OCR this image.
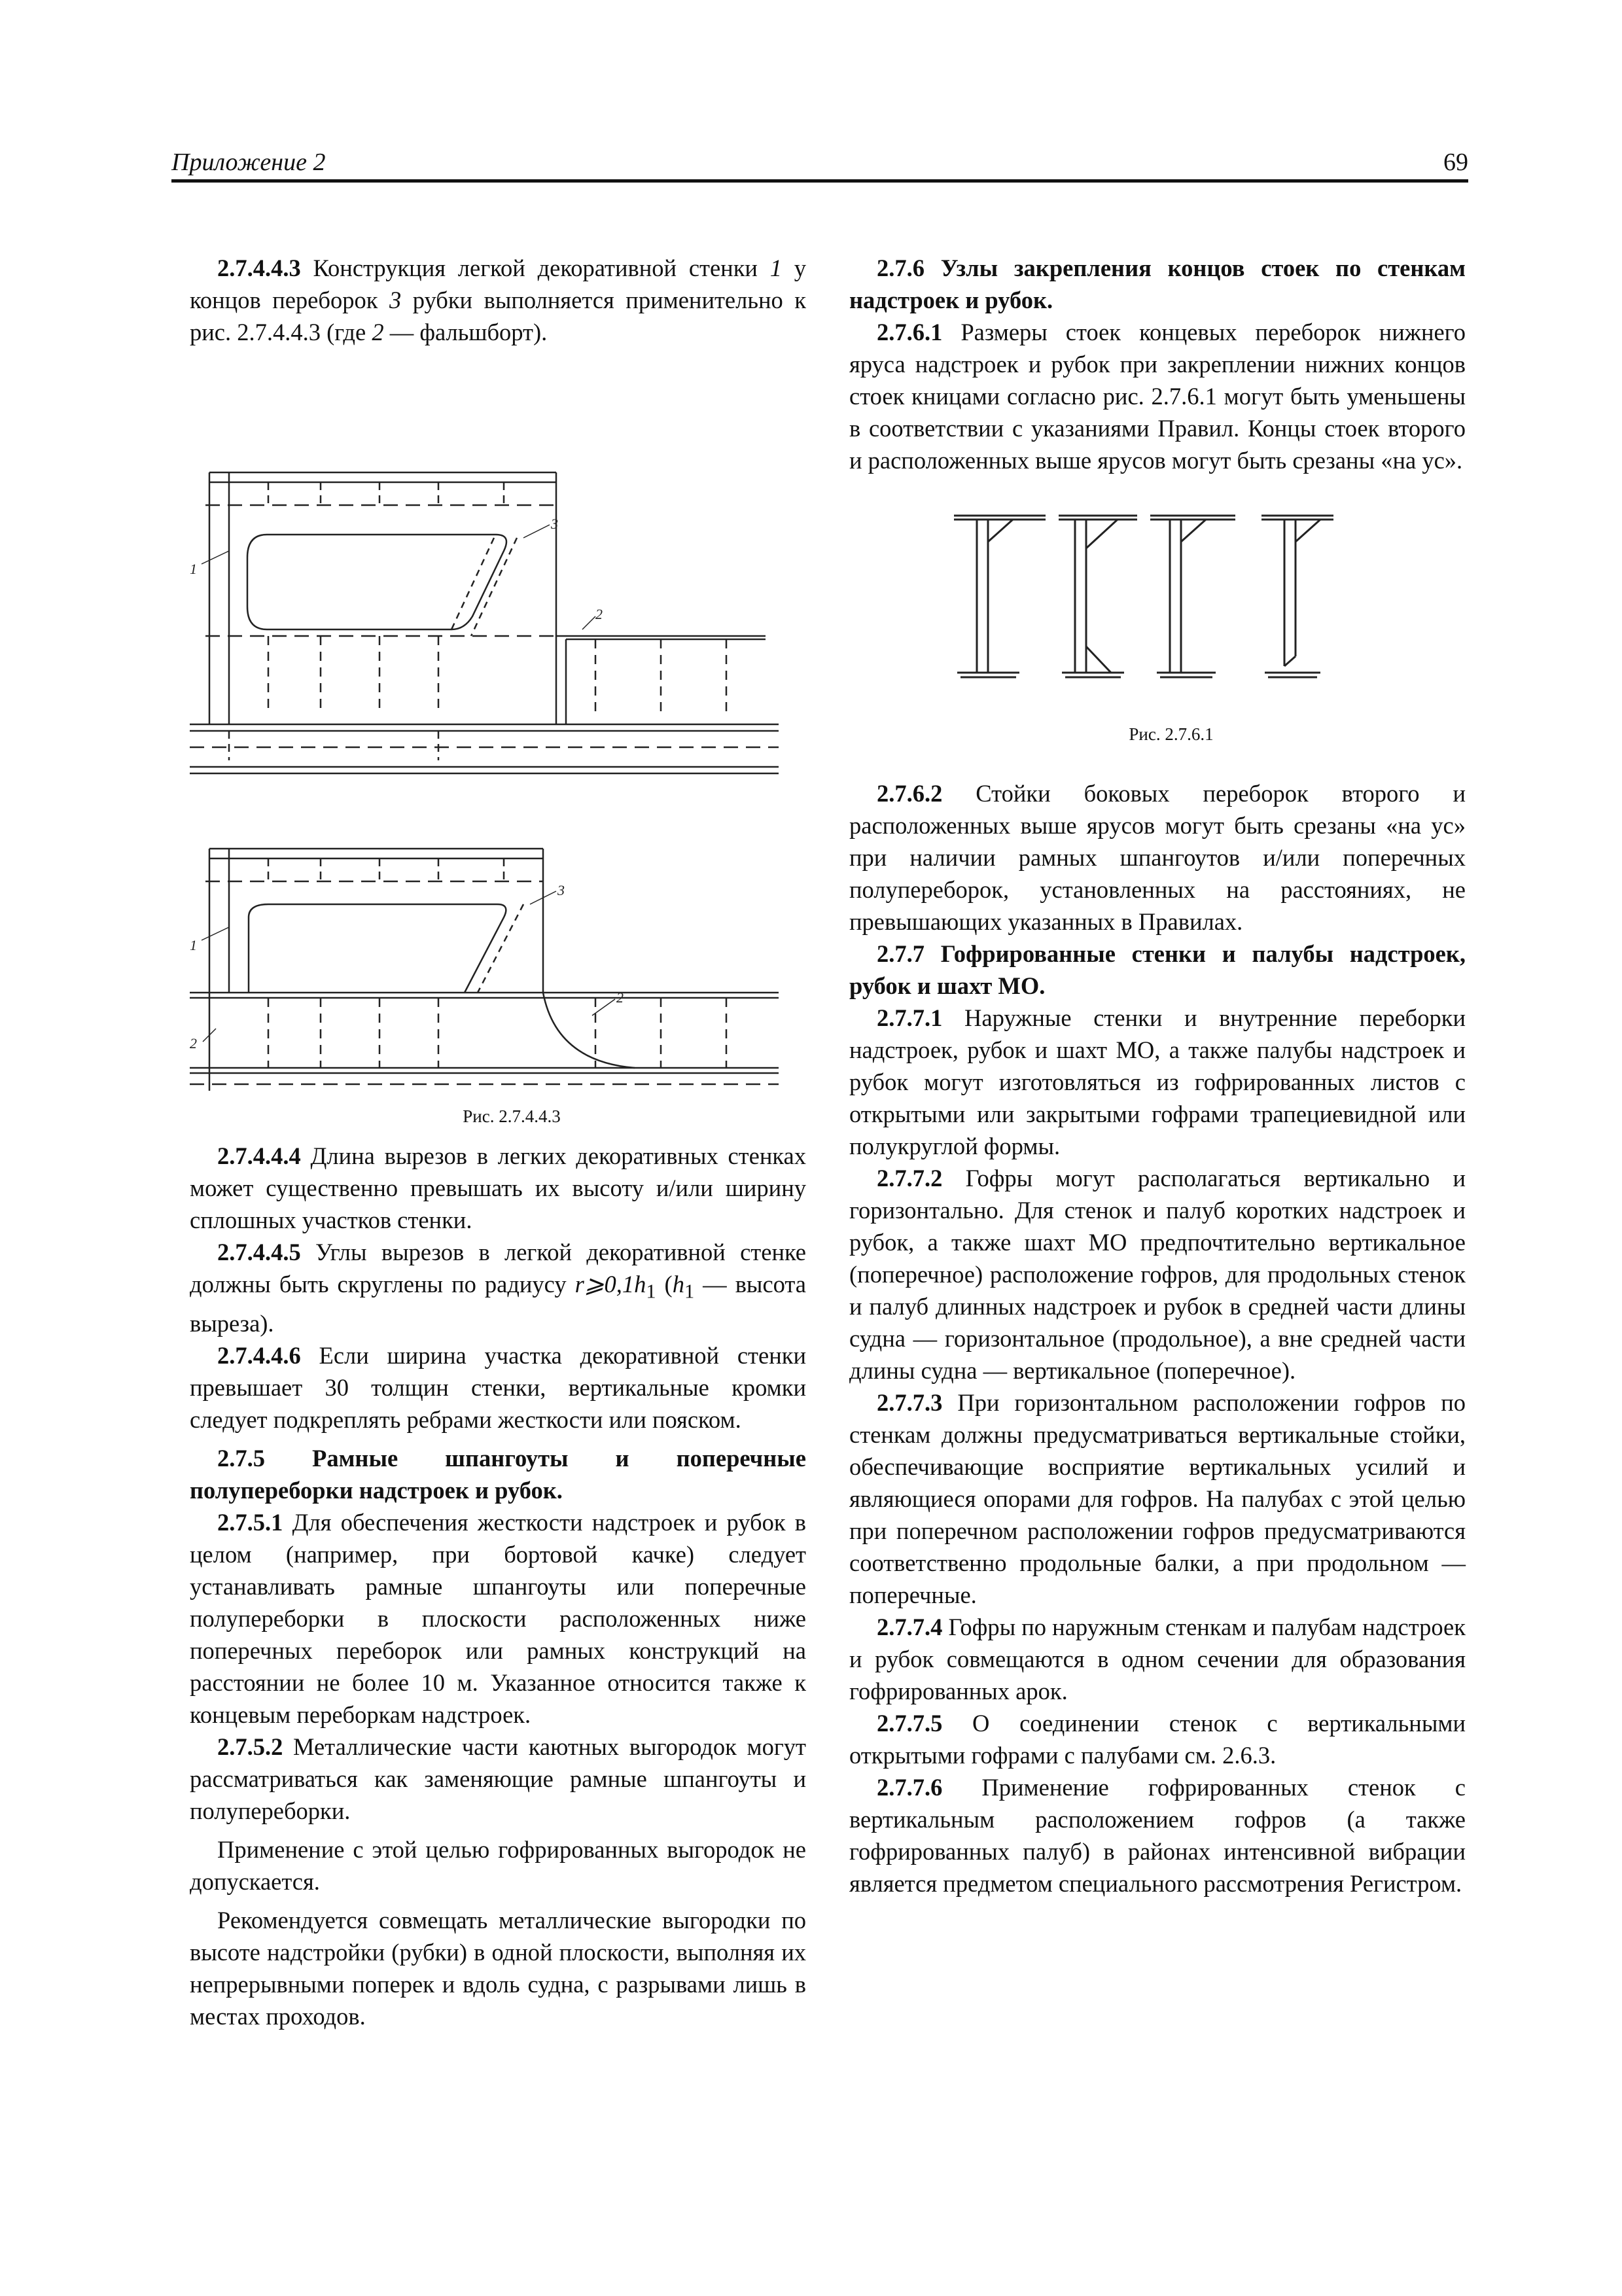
Приложение 2	69

2.7.4.4.3 Конструкция легкой декоративной стенки 1 у концов переборок 3 рубки выполняется применительно к рис. 2.7.4.4.3 (где 2 — фальшборт).

1
3
2
1
2
3
2

Рис. 2.7.4.4.3

2.7.4.4.4 Длина вырезов в легких декоративных стенках может существенно превышать их высоту и/или ширину сплошных участков стенки.

2.7.4.4.5 Углы вырезов в легкой декоративной стенке должны быть скруглены по радиусу $r⩾0,1h_1$ ($h_1$ — высота выреза).

2.7.4.4.6 Если ширина участка декоративной стенки превышает 30 толщин стенки, вертикальные кромки следует подкреплять ребрами жесткости или пояском.

2.7.5 Рамные шпангоуты и поперечные полупереборки надстроек и рубок.

2.7.5.1 Для обеспечения жесткости надстроек и рубок в целом (например, при бортовой качке) следует устанавливать рамные шпангоуты или поперечные полупереборки в плоскости расположенных ниже поперечных переборок или рамных конструкций на расстоянии не более 10 м. Указанное относится также к концевым переборкам надстроек.

2.7.5.2 Металлические части каютных выгородок могут рассматриваться как заменяющие рамные шпангоуты и полупереборки.

Применение с этой целью гофрированных выгородок не допускается.

Рекомендуется совмещать металлические выгородки по высоте надстройки (рубки) в одной плоскости, выполняя их непрерывными поперек и вдоль судна, с разрывами лишь в местах проходов.

2.7.6 Узлы закрепления концов стоек по стенкам надстроек и рубок.

2.7.6.1 Размеры стоек концевых переборок нижнего яруса надстроек и рубок при закреплении нижних концов стоек кницами согласно рис. 2.7.6.1 могут быть уменьшены в соответствии с указаниями Правил. Концы стоек второго и расположенных выше ярусов могут быть срезаны «на ус».

Рис. 2.7.6.1

2.7.6.2 Стойки боковых переборок второго и расположенных выше ярусов могут быть срезаны «на ус» при наличии рамных шпангоутов и/или поперечных полупереборок, установленных на расстояниях, не превышающих указанных в Правилах.

2.7.7 Гофрированные стенки и палубы надстроек, рубок и шахт МО.

2.7.7.1 Наружные стенки и внутренние переборки надстроек, рубок и шахт МО, а также палубы надстроек и рубок могут изготовляться из гофрированных листов с открытыми или закрытыми гофрами трапециевидной или полукруглой формы.

2.7.7.2 Гофры могут располагаться вертикально и горизонтально. Для стенок и палуб коротких надстроек и рубок, а также шахт МО предпочтительно вертикальное (поперечное) расположение гофров, для продольных стенок и палуб длинных надстроек и рубок в средней части длины судна — горизонтальное (продольное), а вне средней части длины судна — вертикальное (поперечное).

2.7.7.3 При горизонтальном расположении гофров по стенкам должны предусматриваться вертикальные стойки, обеспечивающие восприятие вертикальных усилий и являющиеся опорами для гофров. На палубах с этой целью при поперечном расположении гофров предусматриваются соответственно продольные балки, а при продольном — поперечные.

2.7.7.4 Гофры по наружным стенкам и палубам надстроек и рубок совмещаются в одном сечении для образования гофрированных арок.

2.7.7.5 О соединении стенок с вертикальными открытыми гофрами с палубами см. 2.6.3.

2.7.7.6 Применение гофрированных стенок с вертикальным расположением гофров (а также гофрированных палуб) в районах интенсивной вибрации является предметом специального рассмотрения Регистром.
